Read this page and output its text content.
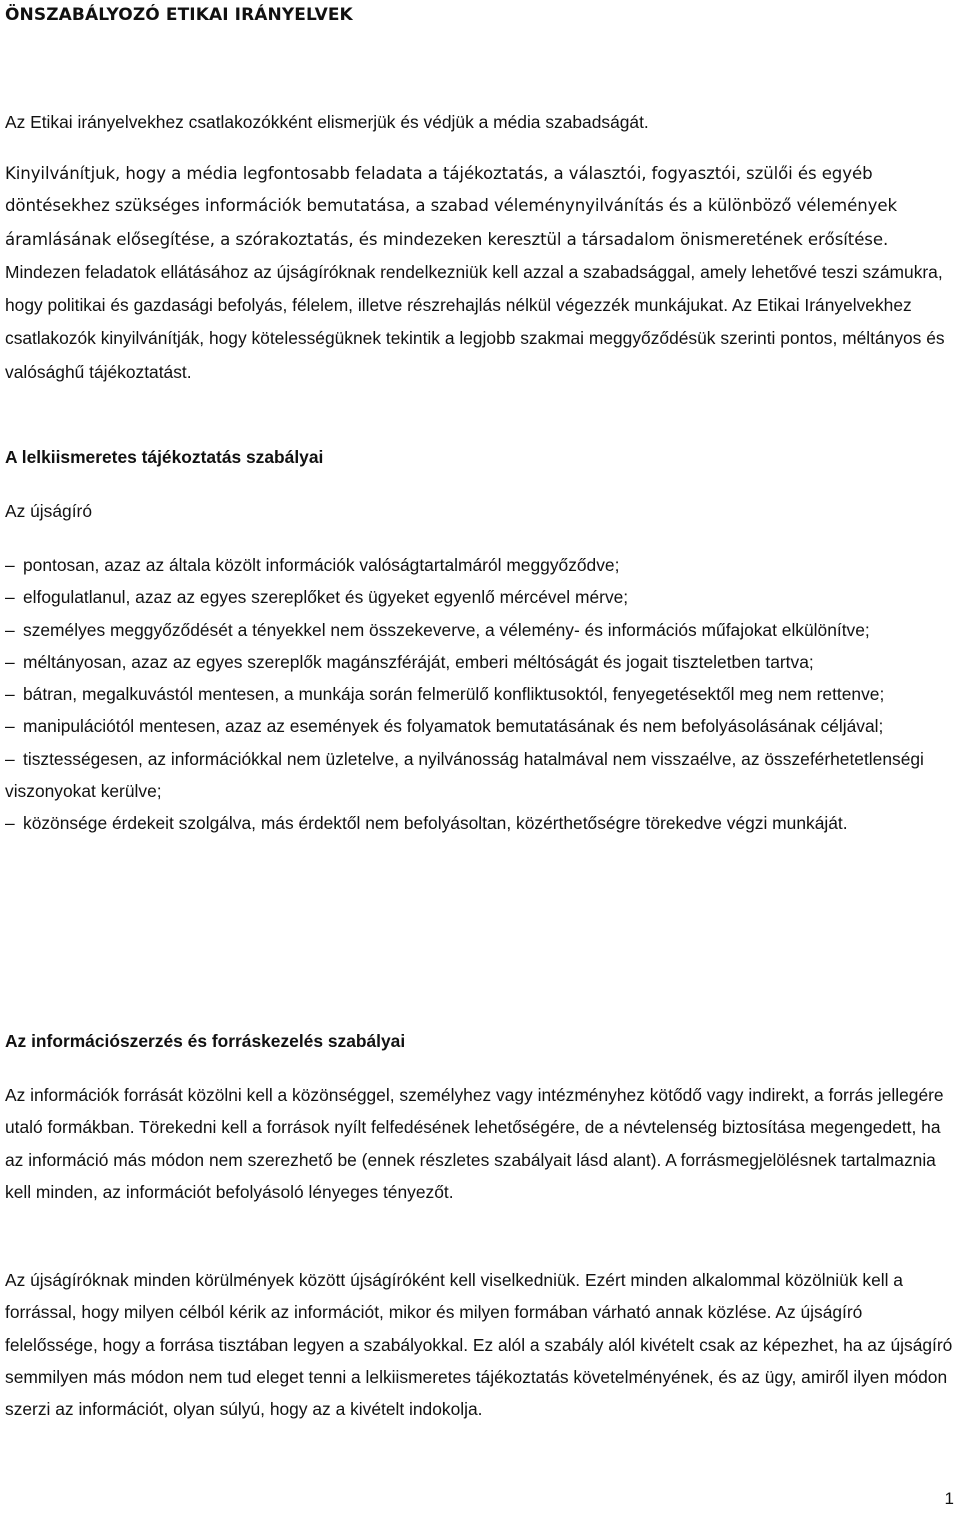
ÖNSZABÁLYOZÓ ETIKAI IRÁNYELVEK

Az Etikai irányelvekhez csatlakozókként elismerjük és védjük a média szabadságát.

Kinyilvánítjuk, hogy a média legfontosabb feladata a tájékoztatás, a választói, fogyasztói, szülői és egyéb döntésekhez szükséges információk bemutatása, a szabad véleménynyilvánítás és a különböző vélemények áramlásának elősegítése, a szórakoztatás, és mindezeken keresztül a társadalom önismeretének erősítése. Mindezen feladatok ellátásához az újságíróknak rendelkezniük kell azzal a szabadsággal, amely lehetővé teszi számukra, hogy politikai és gazdasági befolyás, félelem, illetve részrehajlás nélkül végezzék munkájukat. Az Etikai Irányelvekhez csatlakozók kinyilvánítják, hogy kötelességüknek tekintik a legjobb szakmai meggyőződésük szerinti pontos, méltányos és valósághű tájékoztatást.

A lelkiismeretes tájékoztatás szabályai

Az újságíró

– pontosan, azaz az általa közölt információk valóságtartalmáról meggyőződve;
– elfogulatlanul, azaz az egyes szereplőket és ügyeket egyenlő mércével mérve;
– személyes meggyőződését a tényekkel nem összekeverve, a vélemény- és információs műfajokat elkülönítve;
– méltányosan, azaz az egyes szereplők magánszféráját, emberi méltóságát és jogait tiszteletben tartva;
– bátran, megalkuvástól mentesen, a munkája során felmerülő konfliktusoktól, fenyegetésektől meg nem rettenve;
– manipulációtól mentesen, azaz az események és folyamatok bemutatásának és nem befolyásolásának céljával;
– tisztességesen, az információkkal nem üzletelve, a nyilvánosság hatalmával nem visszaélve, az összeférhetetlenségi viszonyokat kerülve;
– közönsége érdekeit szolgálva, más érdektől nem befolyásoltan, közérthetőségre törekedve végzi munkáját.

Az információszerzés és forráskezelés szabályai

Az információk forrását közölni kell a közönséggel, személyhez vagy intézményhez kötődő vagy indirekt, a forrás jellegére utaló formákban. Törekedni kell a források nyílt felfedésének lehetőségére, de a névtelenség biztosítása megengedett, ha az információ más módon nem szerezhető be (ennek részletes szabályait lásd alant). A forrásmegjelölésnek tartalmaznia kell minden, az információt befolyásoló lényeges tényezőt.

Az újságíróknak minden körülmények között újságíróként kell viselkedniük. Ezért minden alkalommal közölniük kell a forrással, hogy milyen célból kérik az információt, mikor és milyen formában várható annak közlése. Az újságíró felelőssége, hogy a forrása tisztában legyen a szabályokkal. Ez alól a szabály alól kivételt csak az képezhet, ha az újságíró semmilyen más módon nem tud eleget tenni a lelkiismeretes tájékoztatás követelményének, és az ügy, amiről ilyen módon szerzi az információt, olyan súlyú, hogy az a kivételt indokolja.

1
